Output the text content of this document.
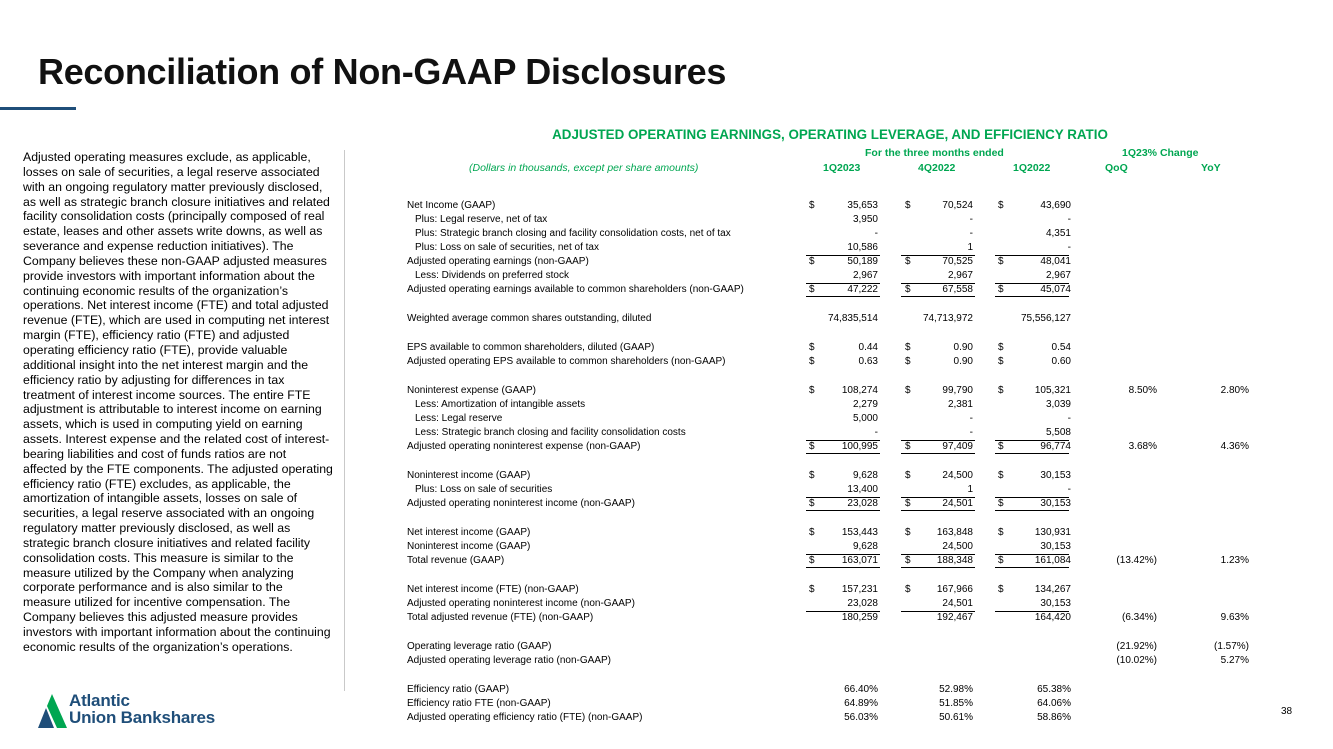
Reconciliation of Non-GAAP Disclosures
Adjusted operating measures exclude, as applicable, losses on sale of securities, a legal reserve associated with an ongoing regulatory matter previously disclosed, as well as strategic branch closure initiatives and related facility consolidation costs (principally composed of real estate, leases and other assets write downs, as well as severance and expense reduction initiatives). The Company believes these non-GAAP adjusted measures provide investors with important information about the continuing economic results of the organization’s operations. Net interest income (FTE) and total adjusted revenue (FTE), which are used in computing net interest margin (FTE), efficiency ratio (FTE) and adjusted operating efficiency ratio (FTE), provide valuable additional insight into the net interest margin and the efficiency ratio by adjusting for differences in tax treatment of interest income sources. The entire FTE adjustment is attributable to interest income on earning assets, which is used in computing yield on earning assets. Interest expense and the related cost of interest-bearing liabilities and cost of funds ratios are not affected by the FTE components. The adjusted operating efficiency ratio (FTE) excludes, as applicable, the amortization of intangible assets, losses on sale of securities, a legal reserve associated with an ongoing regulatory matter previously disclosed, as well as strategic branch closure initiatives and related facility consolidation costs. This measure is similar to the measure utilized by the Company when analyzing corporate performance and is also similar to the measure utilized for incentive compensation. The Company believes this adjusted measure provides investors with important information about the continuing economic results of the organization’s operations.
Atlantic
Union Bankshares	38
ADJUSTED OPERATING EARNINGS, OPERATING LEVERAGE, AND EFFICIENCY RATIO
For the three months ended	1Q23% Change
(Dollars in thousands, except per share amounts)	1Q2023	4Q2022	1Q2022	QoQ	YoY
Net Income (GAAP)	$	35,653	$	70,524	$	43,690
Plus: Legal reserve, net of tax	3,950	-	-
Plus: Strategic branch closing and facility consolidation costs, net of tax	-	-	4,351
Plus: Loss on sale of securities, net of tax	10,586	1	-
Adjusted operating earnings (non-GAAP)	$	50,189	$	70,525	$	48,041
Less: Dividends on preferred stock	2,967	2,967	2,967
Adjusted operating earnings available to common shareholders (non-GAAP)	$	47,222	$	67,558	$	45,074
Weighted average common shares outstanding, diluted	74,835,514	74,713,972	75,556,127
EPS available to common shareholders, diluted (GAAP)	$	0.44	$	0.90	$	0.54
Adjusted operating EPS available to common shareholders (non-GAAP)	$	0.63	$	0.90	$	0.60
Noninterest expense (GAAP)	$	108,274	$	99,790	$	105,321	8.50%	2.80%
Less: Amortization of intangible assets	2,279	2,381	3,039
Less: Legal reserve	5,000	-	-
Less: Strategic branch closing and facility consolidation costs	-	-	5,508
Adjusted operating noninterest expense (non-GAAP)	$	100,995	$	97,409	$	96,774	3.68%	4.36%
Noninterest income (GAAP)	$	9,628	$	24,500	$	30,153
Plus: Loss on sale of securities	13,400	1	-
Adjusted operating noninterest income (non-GAAP)	$	23,028	$	24,501	$	30,153
Net interest income (GAAP)	$	153,443	$	163,848	$	130,931
Noninterest income (GAAP)	9,628	24,500	30,153
Total revenue (GAAP)	$	163,071	$	188,348	$	161,084	(13.42%)	1.23%
Net interest income (FTE) (non-GAAP)	$	157,231	$	167,966	$	134,267
Adjusted operating noninterest income (non-GAAP)	23,028	24,501	30,153
Total adjusted revenue (FTE) (non-GAAP)	180,259	192,467	164,420	(6.34%)	9.63%
Operating leverage ratio (GAAP)	(21.92%)	(1.57%)
Adjusted operating leverage ratio (non-GAAP)	(10.02%)	5.27%
Efficiency ratio (GAAP)	66.40%	52.98%	65.38%
Efficiency ratio FTE (non-GAAP)	64.89%	51.85%	64.06%
Adjusted operating efficiency ratio (FTE) (non-GAAP)	56.03%	50.61%	58.86%
